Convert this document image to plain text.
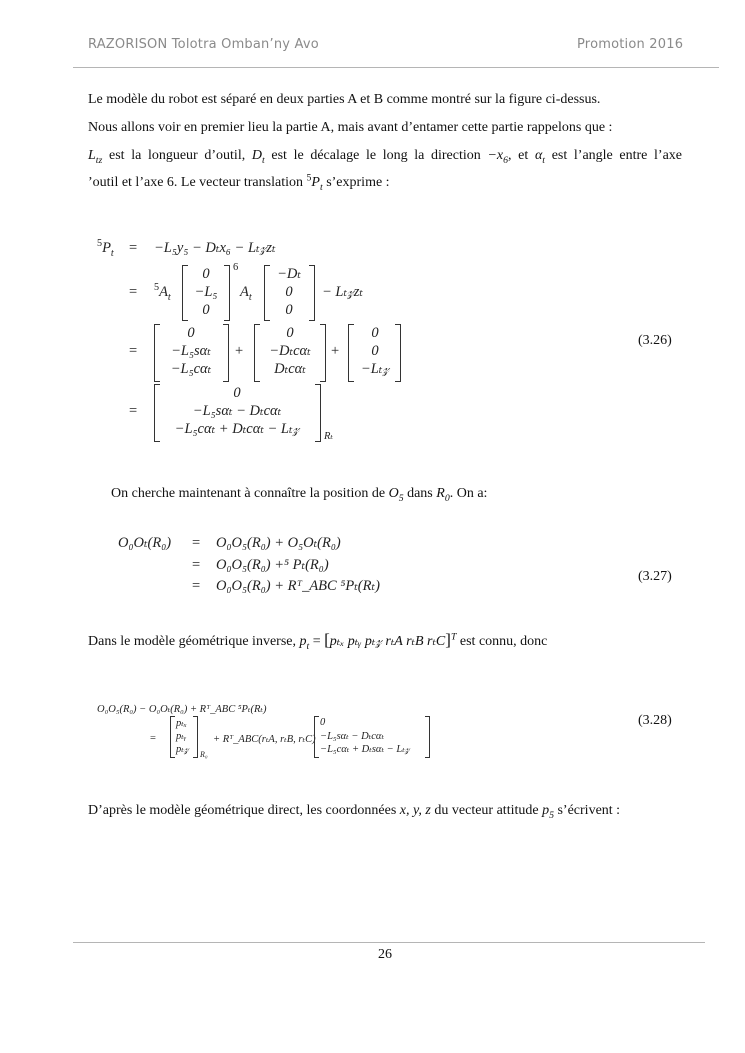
RAZORISON Tolotra Omban’ny Avo	Promotion 2016
Le modèle du robot est séparé en deux parties A et B comme montré sur la figure ci-dessus.
Nous allons voir en premier lieu la partie A, mais avant d’entamer cette partie rappelons que :
$L_{tz}$ est la longueur d’outil, $D_t$ est le décalage le long la direction $-x_6$, et $\alpha_t$ est l’angle entre l’axe
’outil et l’axe 6. Le vecteur translation $^5P_t$ s’exprime :
$^5P_t = -L_5y_5 - D_tx_6$ − Lₜ𝓏zₜ
= $^5A_t$
0
−L₅
0
6
$A_t$
−Dₜ
0
0
− Lₜ𝓏zₜ
=
0
−L₅sαₜ
−L₅cαₜ
+
0
−Dₜcαₜ
Dₜcαₜ
+
0
0
−Lₜ𝓏
(3.26)
=
0
−L₅sαₜ − Dₜcαₜ
−L₅cαₜ + Dₜcαₜ − Lₜ𝓏	Rₜ
On cherche maintenant à connaître la position de $O_5$ dans $R_0$. On a:
O₀Oₜ(R₀) = O₀O₅(R₀) + O₅Oₜ(R₀)
= O₀O₅(R₀) +⁵ Pₜ(R₀)
= O₀O₅(R₀) + Rᵀ_ABC ⁵Pₜ(Rₜ)
(3.27)
Dans le modèle géométrique inverse, $p_t = [p_{tx}$ pₜᵧ pₜ𝓏 rₜA rₜB rₜC]$^T$ est connu, donc
O₀O₅(R₀) − O₀Oₜ(R₀) + Rᵀ_ABC ⁵Pₜ(Rₜ)
=
pₜₓ
pₜᵧ
pₜ𝓏 R₀
+ Rᵀ_ABC(rₜA, rₜB, rₜC)
0
−L₅sαₜ − Dₜcαₜ
−L₅cαₜ + Dₜsαₜ − Lₜ𝓏
(3.28)
D’après le modèle géométrique direct, les coordonnées x, y, z du vecteur attitude $p_5$ s’écrivent :
26
